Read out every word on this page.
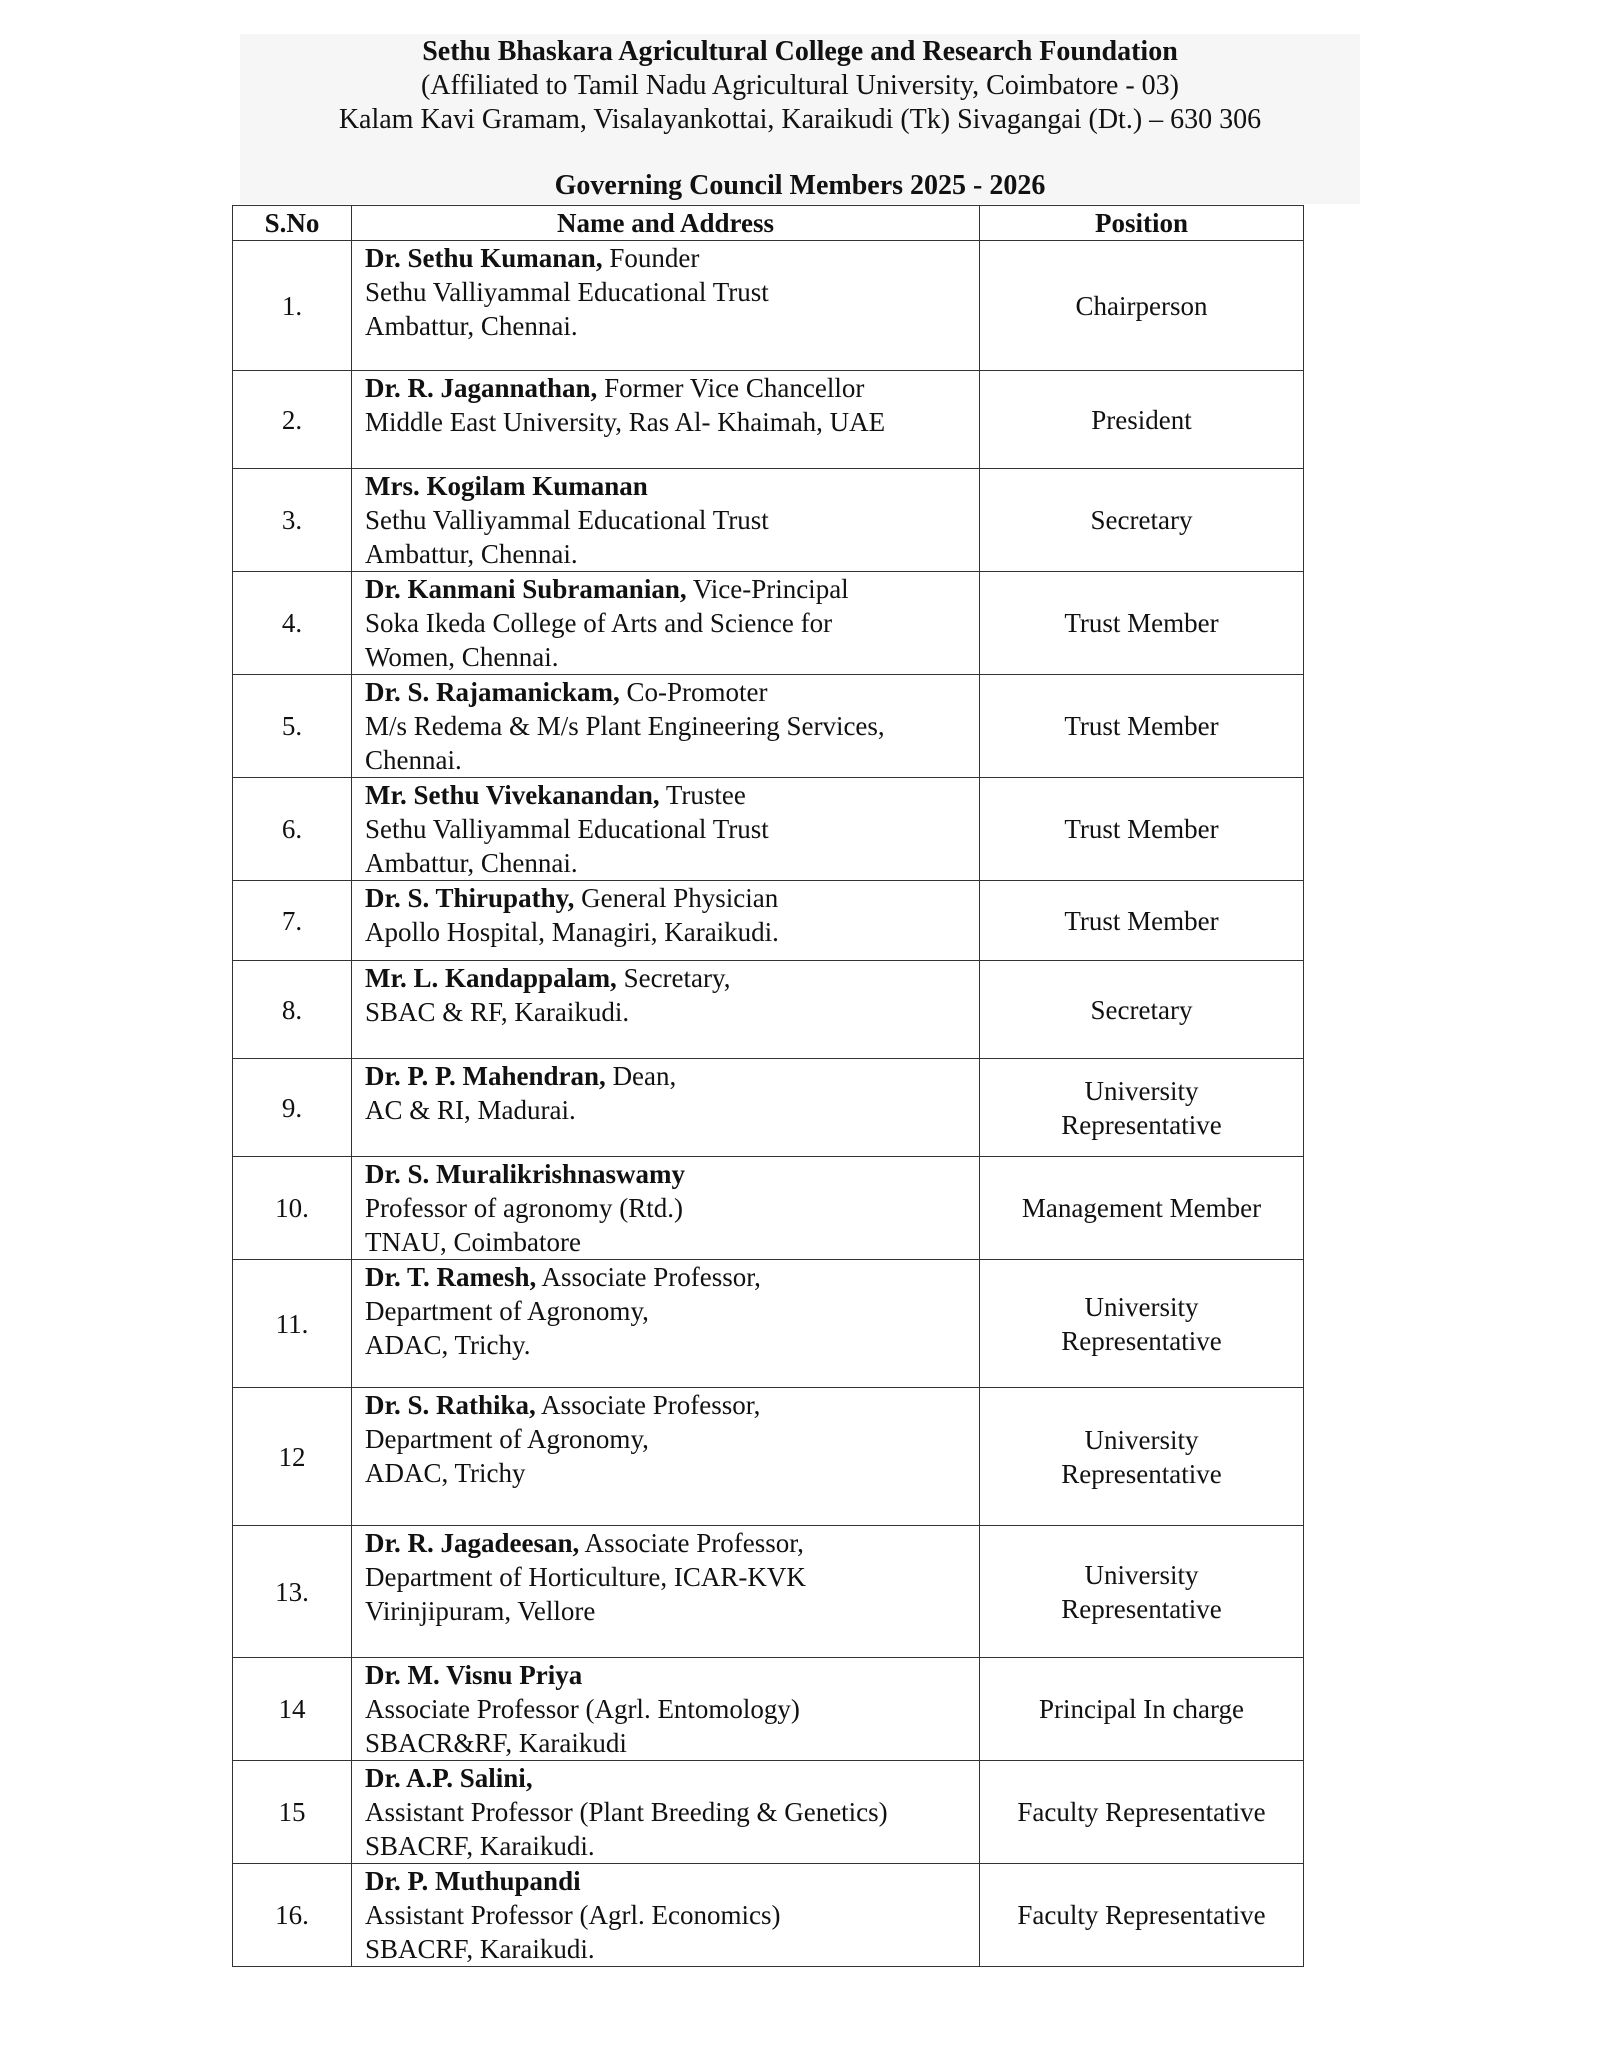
Sethu Bhaskara Agricultural College and Research Foundation
(Affiliated to Tamil Nadu Agricultural University, Coimbatore - 03)
Kalam Kavi Gramam, Visalayankottai, Karaikudi (Tk) Sivagangai (Dt.) – 630 306
Governing Council Members 2025 - 2026
S.No	Name and Address	Position
1.	Dr. Sethu Kumanan, Founder
Sethu Valliyammal Educational Trust
Ambattur, Chennai.	Chairperson

2.	Dr. R. Jagannathan, Former Vice Chancellor
Middle East University, Ras Al- Khaimah, UAE	President

3.	Mrs. Kogilam Kumanan
Sethu Valliyammal Educational Trust
Ambattur, Chennai.	Secretary

4.	Dr. Kanmani Subramanian, Vice-Principal
Soka Ikeda College of Arts and Science for
Women, Chennai.	Trust Member

5.	Dr. S. Rajamanickam, Co-Promoter
M/s Redema & M/s Plant Engineering Services,
Chennai.	Trust Member

6.	Mr. Sethu Vivekanandan, Trustee
Sethu Valliyammal Educational Trust
Ambattur, Chennai.	Trust Member

7.	Dr. S. Thirupathy, General Physician
Apollo Hospital, Managiri, Karaikudi.	Trust Member

8.	Mr. L. Kandappalam, Secretary,
SBAC & RF, Karaikudi.	Secretary

9.	Dr. P. P. Mahendran, Dean,
AC & RI, Madurai.	University
Representative

10.	Dr. S. Muralikrishnaswamy
Professor of agronomy (Rtd.)
TNAU, Coimbatore	Management Member

11.	Dr. T. Ramesh, Associate Professor,
Department of Agronomy,
ADAC, Trichy.	University
Representative

12	Dr. S. Rathika, Associate Professor,
Department of Agronomy,
ADAC, Trichy	University
Representative

13.	Dr. R. Jagadeesan, Associate Professor,
Department of Horticulture, ICAR-KVK
Virinjipuram, Vellore	University
Representative

14	Dr. M. Visnu Priya
Associate Professor (Agrl. Entomology)
SBACR&RF, Karaikudi	Principal In charge

15	Dr. A.P. Salini,
Assistant Professor (Plant Breeding & Genetics)
SBACRF, Karaikudi.	Faculty Representative

16.	Dr. P. Muthupandi
Assistant Professor (Agrl. Economics)
SBACRF, Karaikudi.	Faculty Representative
